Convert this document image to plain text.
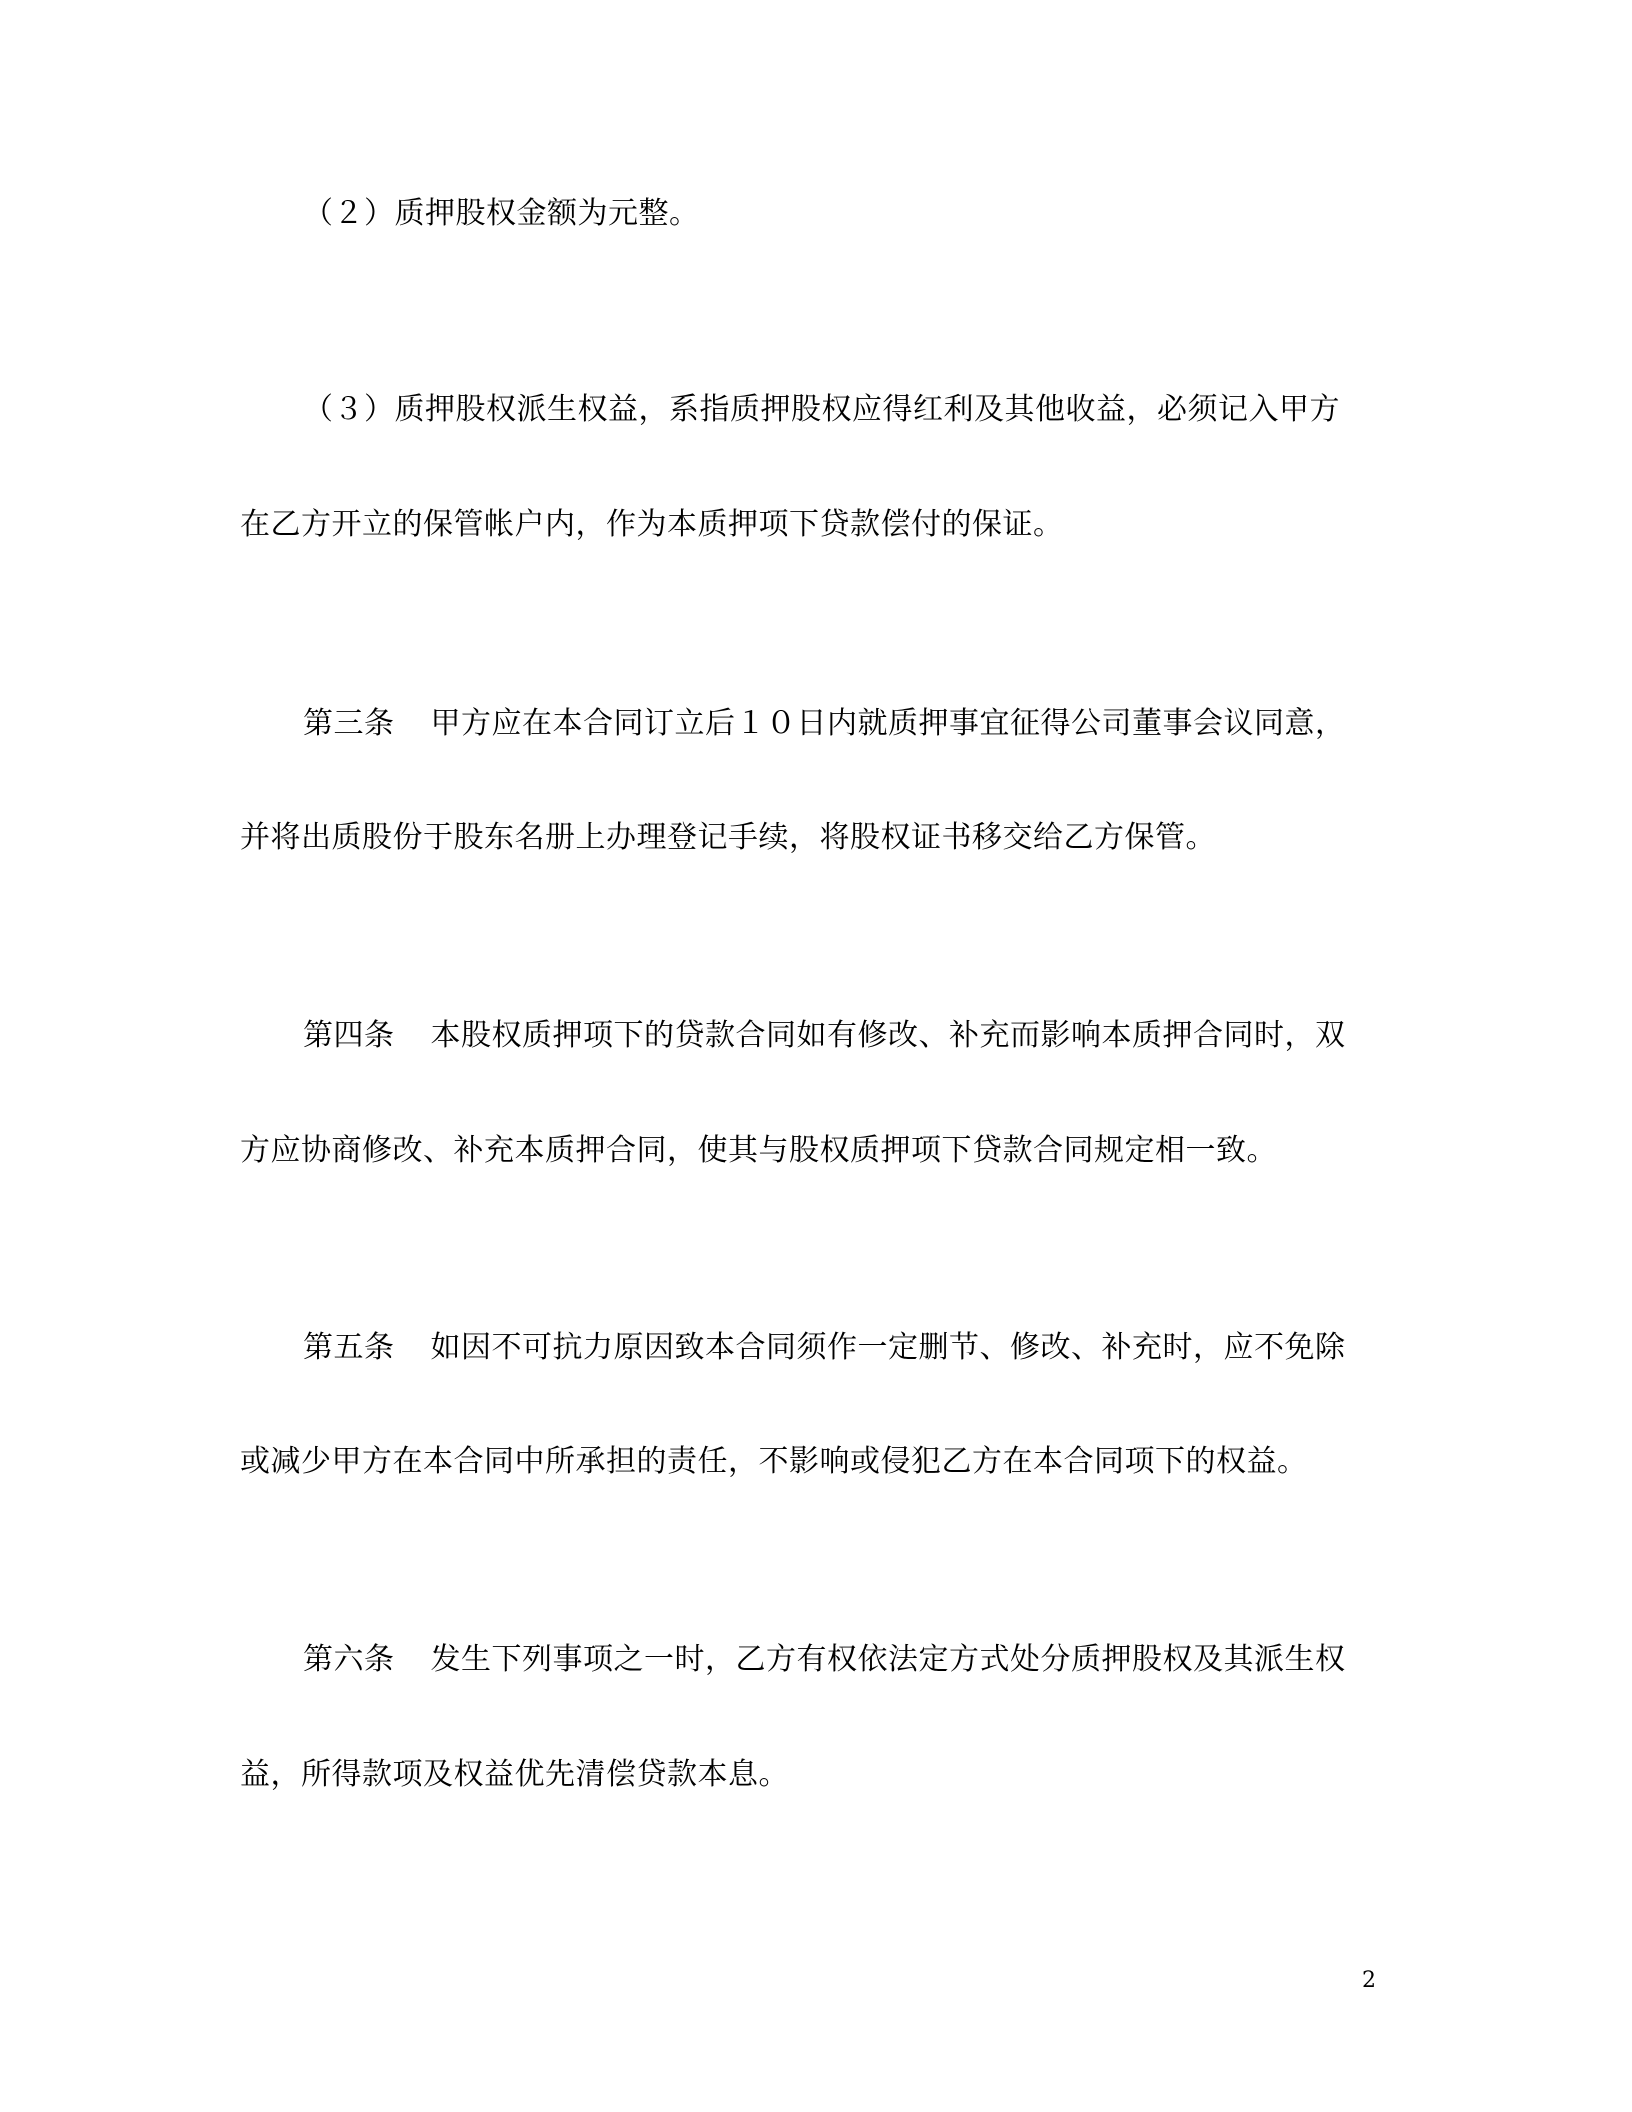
（２）质押股权金额为元整。
（３）质押股权派生权益，系指质押股权应得红利及其他收益，必须记入甲方
在乙方开立的保管帐户内，作为本质押项下贷款偿付的保证。
第三条 甲方应在本合同订立后１０日内就质押事宜征得公司董事会议同意，
并将出质股份于股东名册上办理登记手续，将股权证书移交给乙方保管。
第四条 本股权质押项下的贷款合同如有修改、补充而影响本质押合同时，双
方应协商修改、补充本质押合同，使其与股权质押项下贷款合同规定相一致。
第五条 如因不可抗力原因致本合同须作一定删节、修改、补充时，应不免除
或减少甲方在本合同中所承担的责任，不影响或侵犯乙方在本合同项下的权益。
第六条 发生下列事项之一时，乙方有权依法定方式处分质押股权及其派生权
益，所得款项及权益优先清偿贷款本息。
2
